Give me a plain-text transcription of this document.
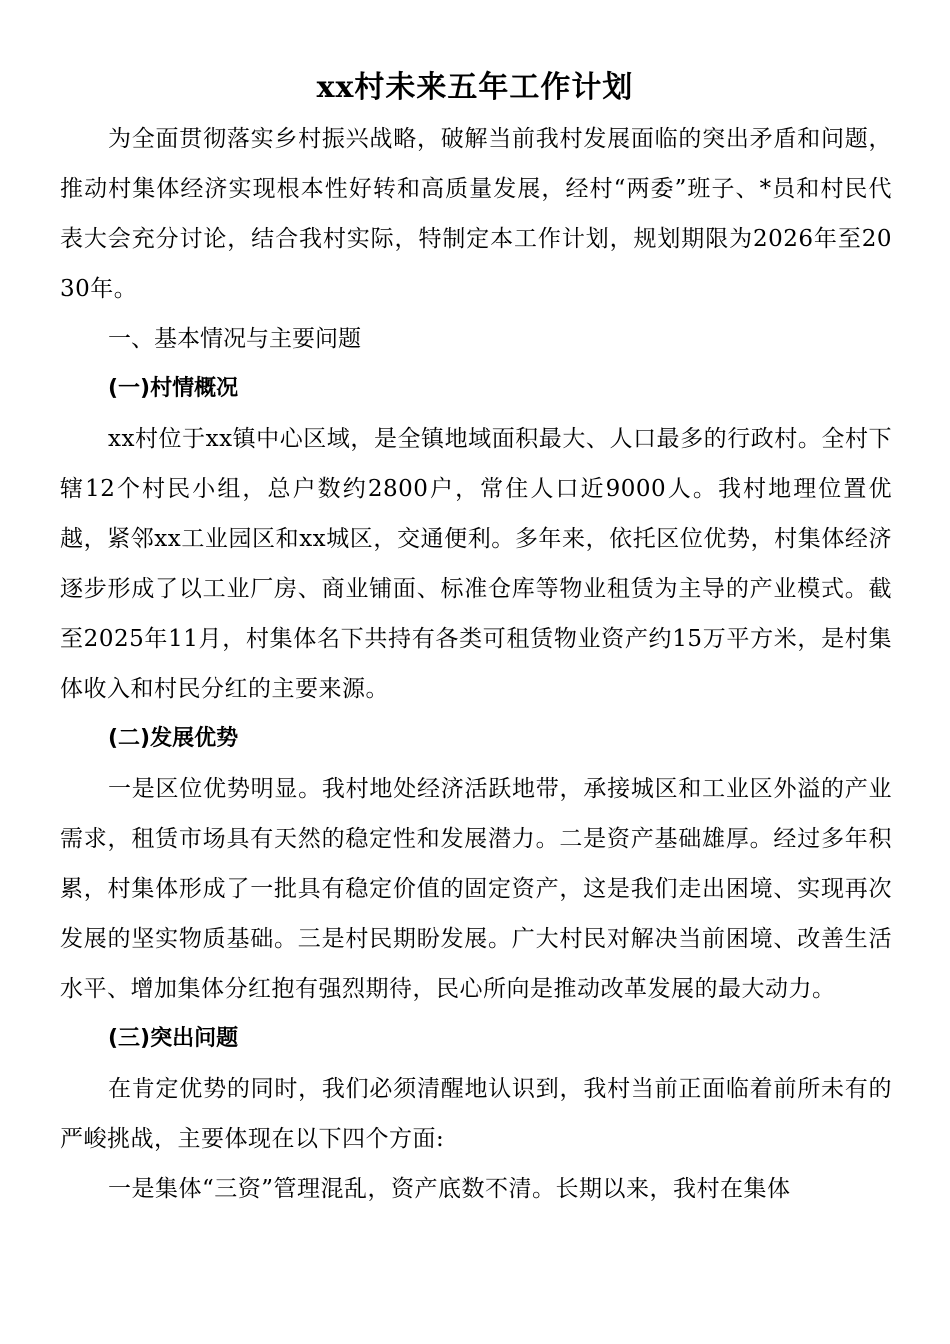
xx村未来五年工作计划

为全面贯彻落实乡村振兴战略，破解当前我村发展面临的突出矛盾和问题，推动村集体经济实现根本性好转和高质量发展，经村“两委”班子、*员和村民代表大会充分讨论，结合我村实际，特制定本工作计划，规划期限为2026年至2030年。

一、基本情况与主要问题

(一)村情概况

xx村位于xx镇中心区域，是全镇地域面积最大、人口最多的行政村。全村下辖12个村民小组，总户数约2800户，常住人口近9000人。我村地理位置优越，紧邻xx工业园区和xx城区，交通便利。多年来，依托区位优势，村集体经济逐步形成了以工业厂房、商业铺面、标准仓库等物业租赁为主导的产业模式。截至2025年11月，村集体名下共持有各类可租赁物业资产约15万平方米，是村集体收入和村民分红的主要来源。

(二)发展优势

一是区位优势明显。我村地处经济活跃地带，承接城区和工业区外溢的产业需求，租赁市场具有天然的稳定性和发展潜力。二是资产基础雄厚。经过多年积累，村集体形成了一批具有稳定价值的固定资产，这是我们走出困境、实现再次发展的坚实物质基础。三是村民期盼发展。广大村民对解决当前困境、改善生活水平、增加集体分红抱有强烈期待，民心所向是推动改革发展的最大动力。

(三)突出问题

在肯定优势的同时，我们必须清醒地认识到，我村当前正面临着前所未有的严峻挑战，主要体现在以下四个方面:

一是集体“三资”管理混乱，资产底数不清。长期以来，我村在集体
